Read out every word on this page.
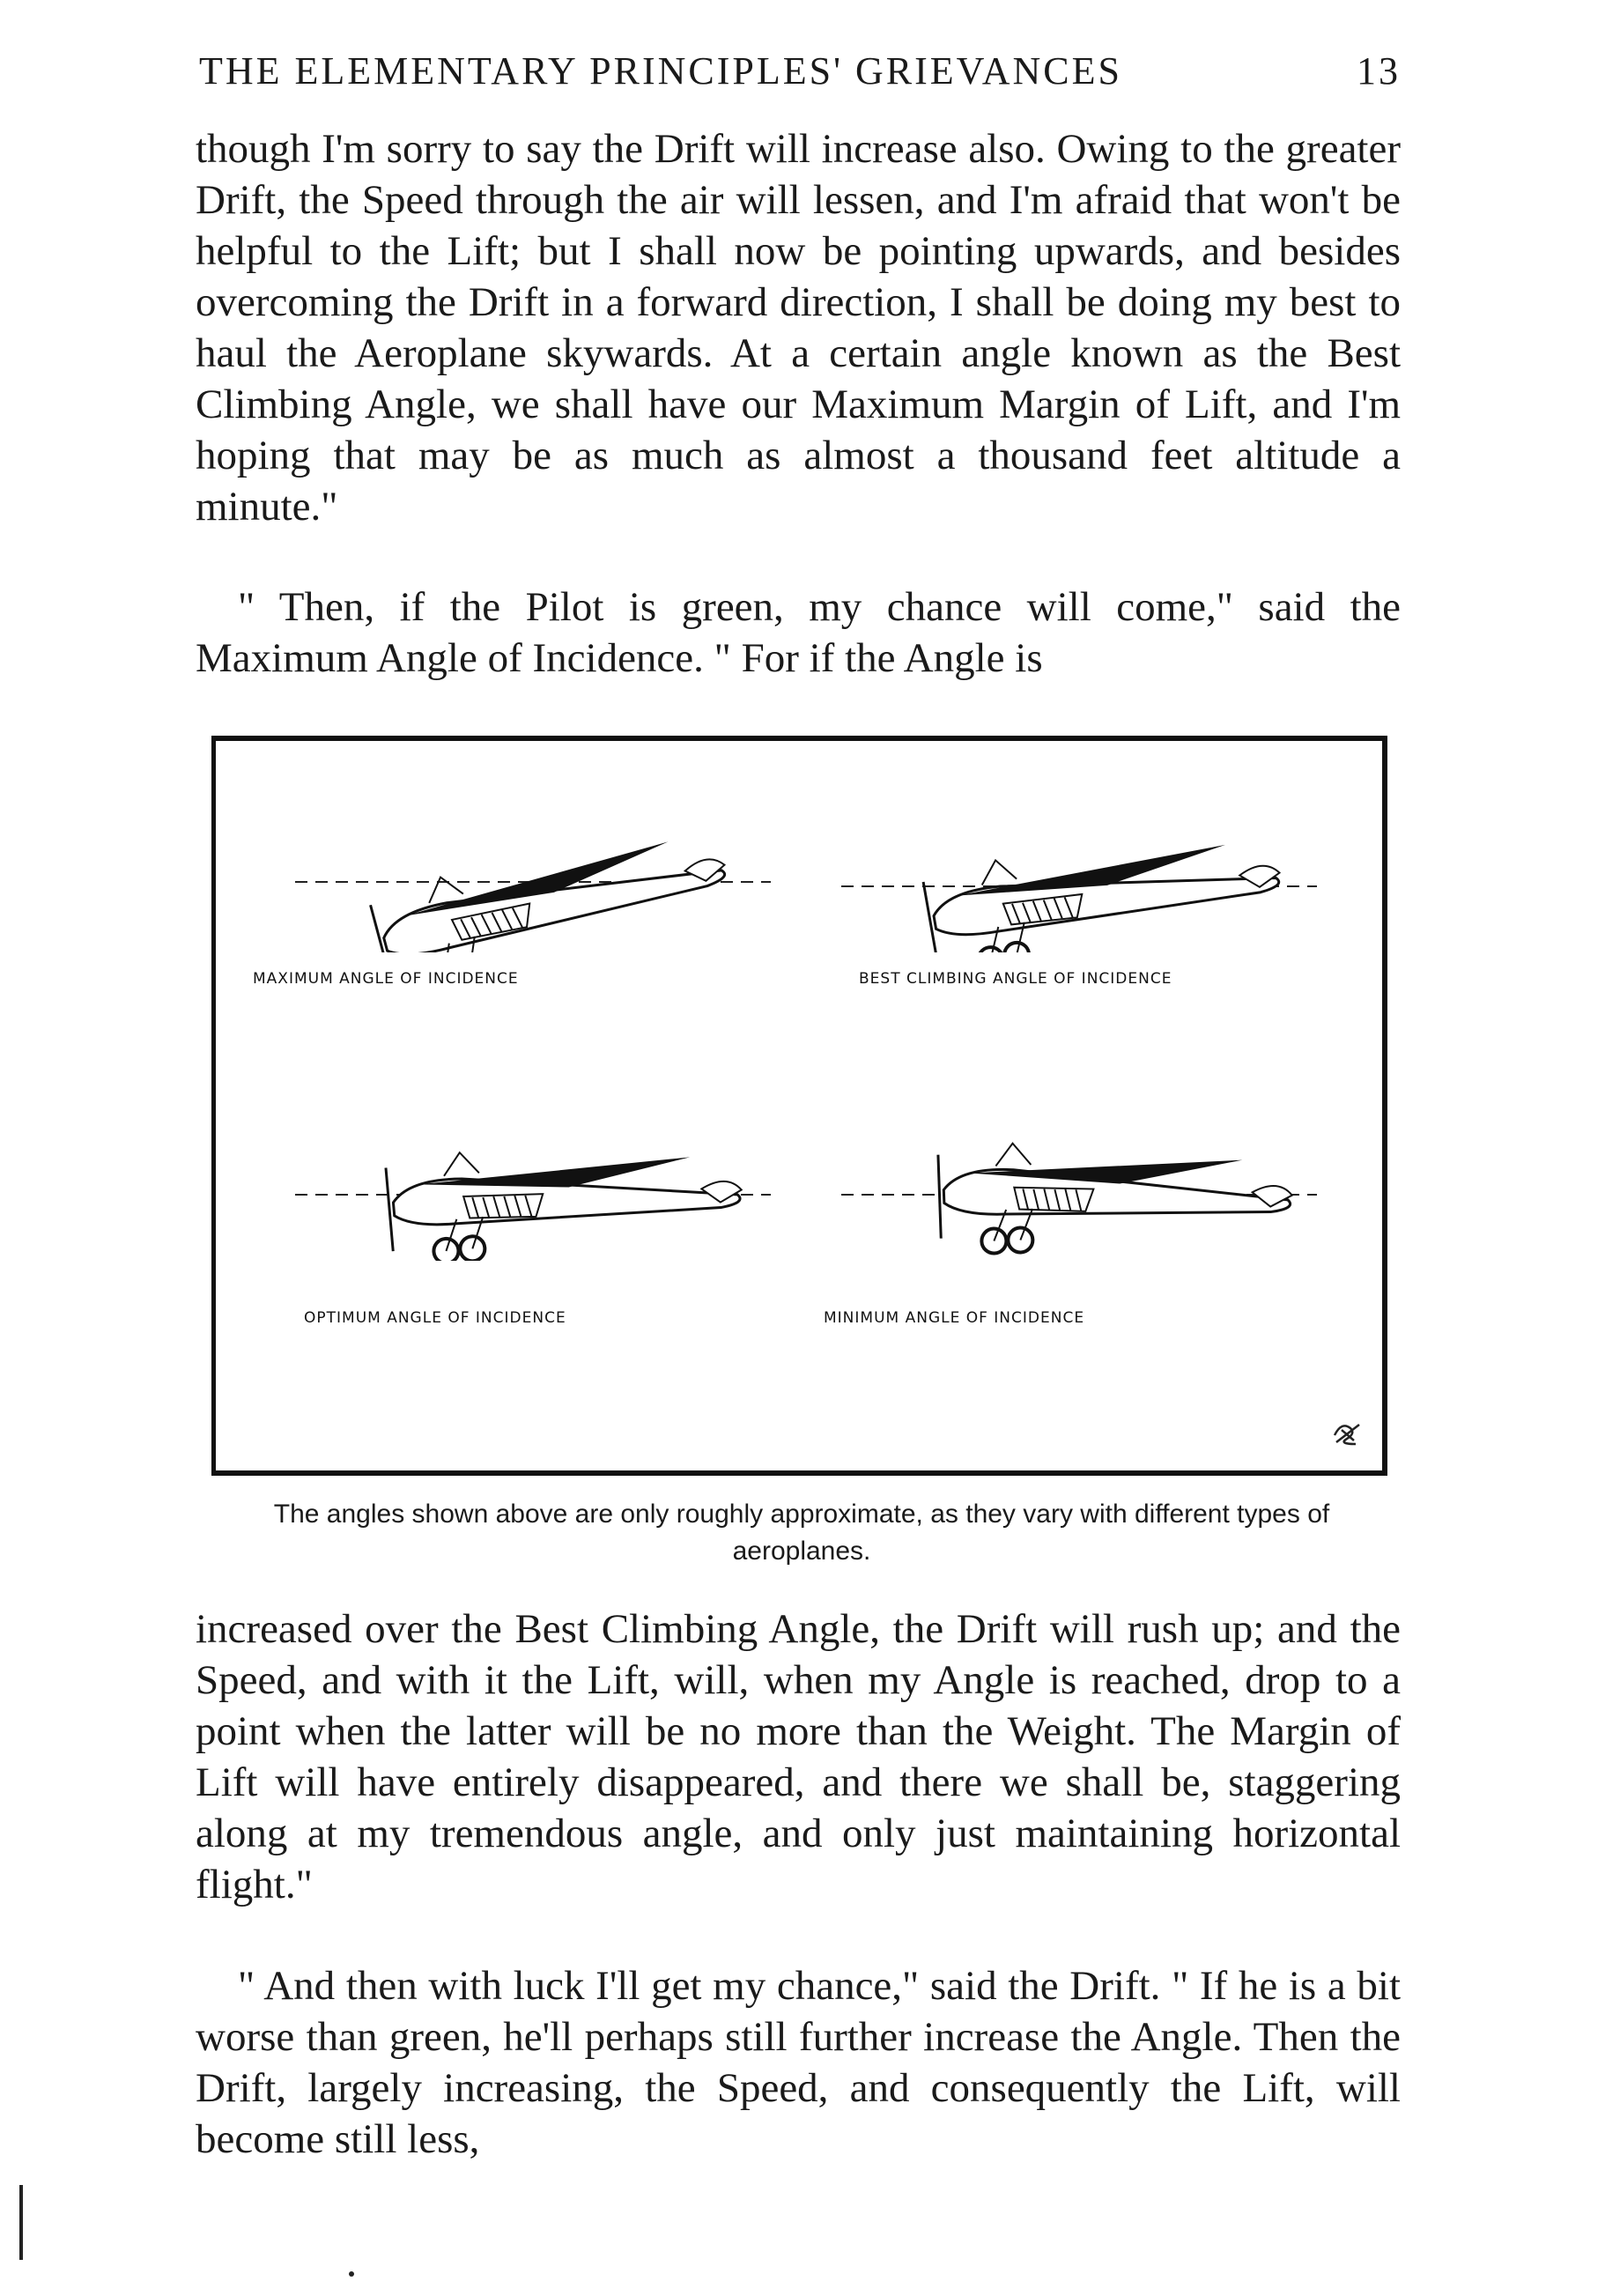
THE ELEMENTARY PRINCIPLES' GRIEVANCES	13

though I'm sorry to say the Drift will increase also. Owing to the greater Drift, the Speed through the air will lessen, and I'm afraid that won't be helpful to the Lift; but I shall now be pointing upwards, and besides overcoming the Drift in a forward direction, I shall be doing my best to haul the Aeroplane skywards. At a certain angle known as the Best Climbing Angle, we shall have our Maximum Margin of Lift, and I'm hoping that may be as much as almost a thousand feet altitude a minute."

" Then, if the Pilot is green, my chance will come," said the Maximum Angle of Incidence. " For if the Angle is

MAXIMUM ANGLE OF INCIDENCE	BEST CLIMBING ANGLE OF INCIDENCE
OPTIMUM ANGLE OF INCIDENCE	MINIMUM ANGLE OF INCIDENCE
The angles shown above are only roughly approximate, as they vary with different types of aeroplanes.

increased over the Best Climbing Angle, the Drift will rush up; and the Speed, and with it the Lift, will, when my Angle is reached, drop to a point when the latter will be no more than the Weight. The Margin of Lift will have entirely disappeared, and there we shall be, staggering along at my tremendous angle, and only just maintaining horizontal flight."

" And then with luck I'll get my chance," said the Drift. " If he is a bit worse than green, he'll perhaps still further increase the Angle. Then the Drift, largely increasing, the Speed, and consequently the Lift, will become still less,
